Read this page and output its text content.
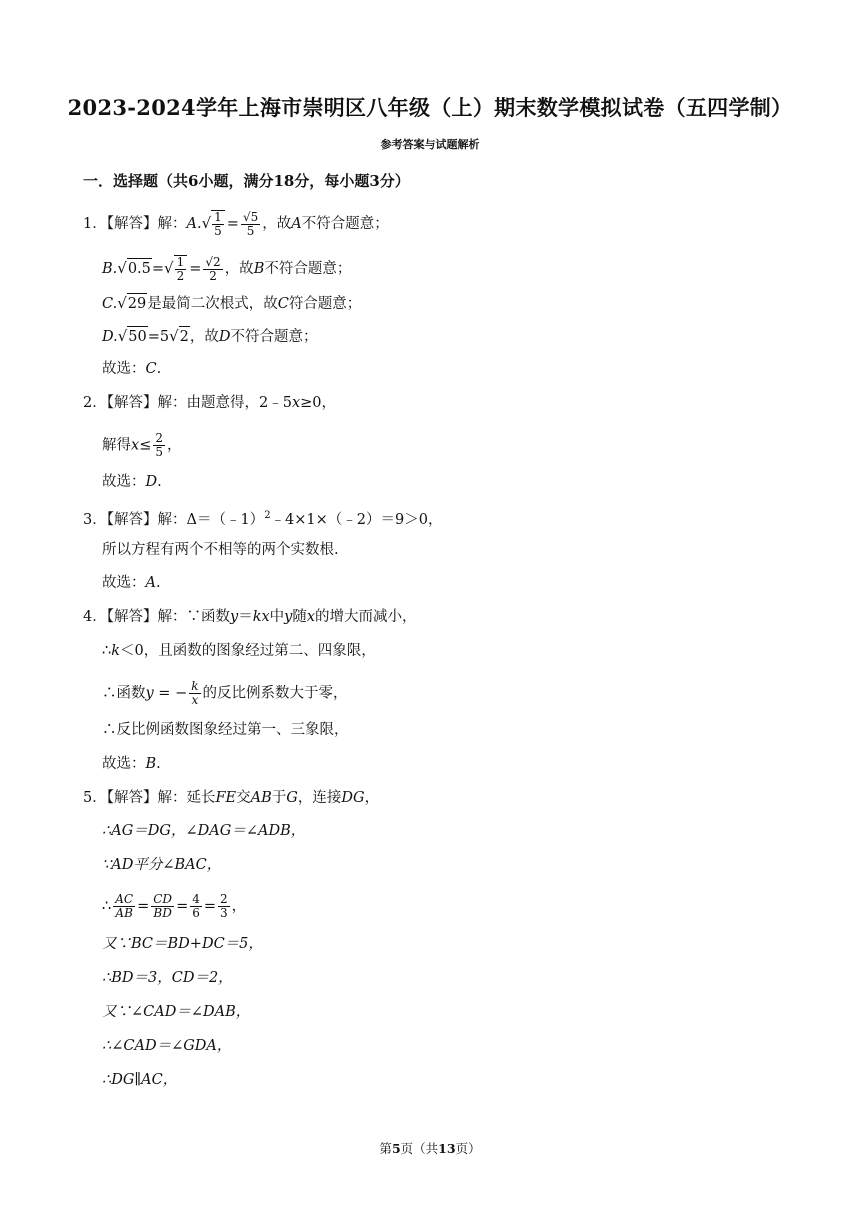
2023-2024学年上海市崇明区八年级（上）期末数学模拟试卷（五四学制）
参考答案与试题解析
一．选择题（共6小题，满分18分，每小题3分）
1．【解答】解：$A.√ \frac{1}{5} = \frac{√5}{5}$ ，故A不符合题意；
$B.√0.5=√ \frac{1}{2} = \frac{√2}{2}$ ，故B不符合题意；
C.√29是最简二次根式，故C符合题意；
D.√50=5√2，故D不符合题意；
故选：C.
2．【解答】解：由题意得，2﹣5x≥0，
解得$x\le \frac{2}{5}$ ，
故选：D.
3．【解答】解：Δ＝（﹣1）$^2$﹣4×1×（﹣2）＝9＞0，
所以方程有两个不相等的两个实数根.
故选：A.
4．【解答】解：∵函数y＝kx中y随x的增大而减小，
∴k＜0，且函数的图象经过第二、四象限，
∴函数y = − $\frac{k}{x}$ 的反比例系数大于零，
∴反比例函数图象经过第一、三象限，
故选：B.
5．【解答】解：延长FE交AB于G，连接DG，
∴AG＝DG，∠DAG＝∠ADB，
∵AD平分∠BAC，
∴ $\frac{AC}{AB} = \frac{CD}{BD} = \frac{4}{6} = \frac{2}{3}$ ，
又∵BC＝BD+DC＝5，
∴BD＝3，CD＝2，
又∵∠CAD＝∠DAB，
∴∠CAD＝∠GDA，
∴DG∥AC，
第5页（共13页）
